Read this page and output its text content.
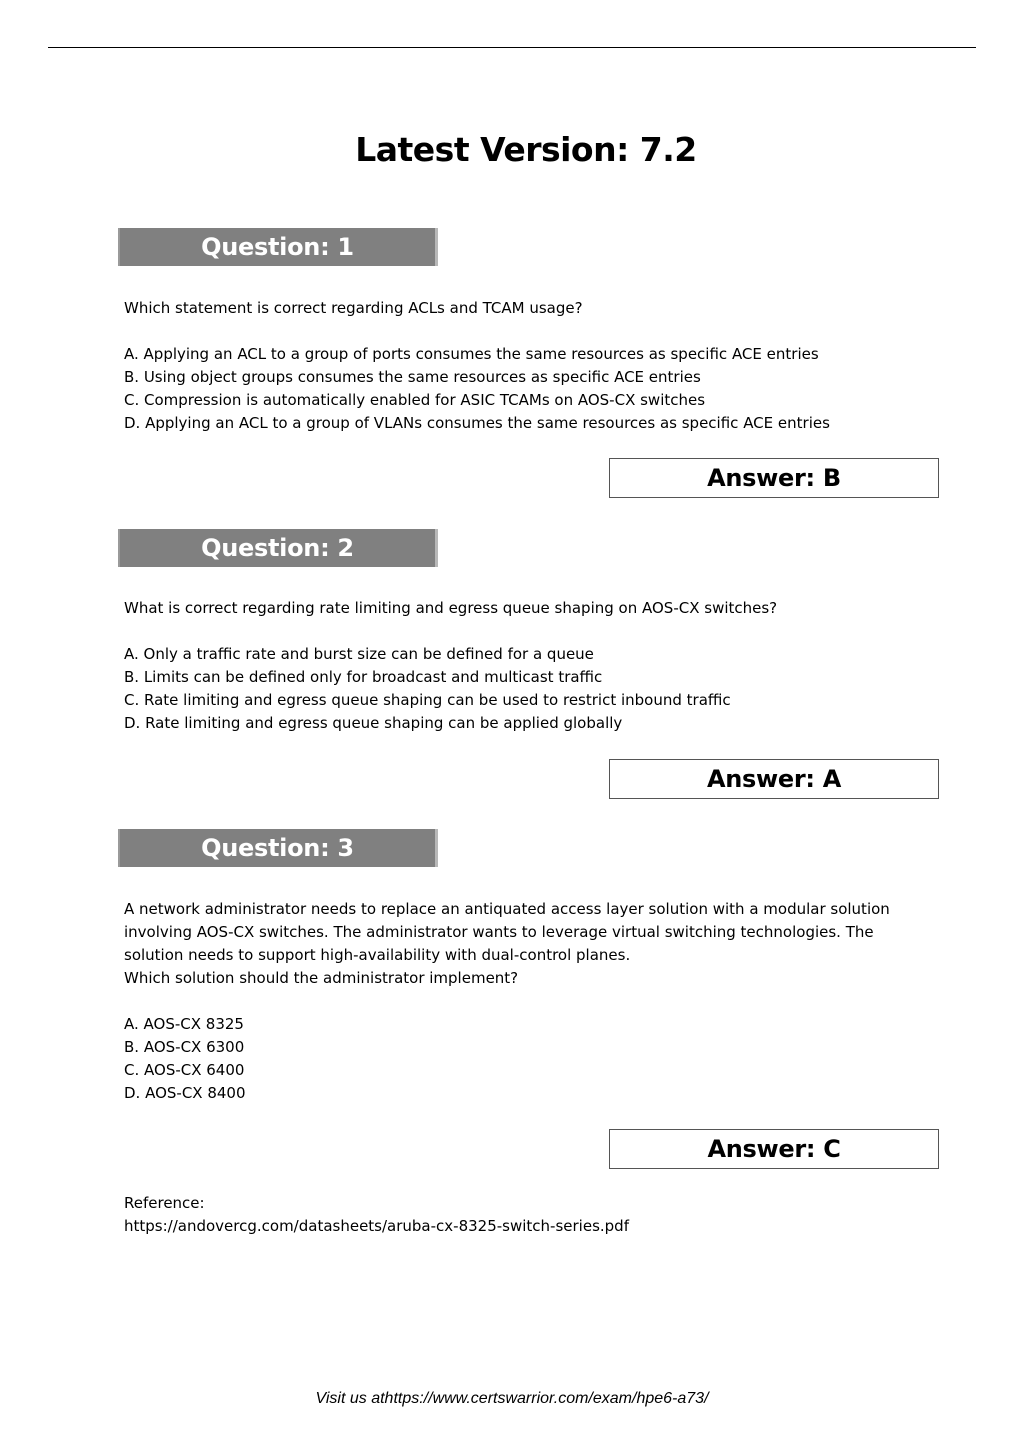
Latest Version: 7.2
Question: 1

Which statement is correct regarding ACLs and TCAM usage?

A. Applying an ACL to a group of ports consumes the same resources as specific ACE entries

B. Using object groups consumes the same resources as specific ACE entries

C. Compression is automatically enabled for ASIC TCAMs on AOS-CX switches

D. Applying an ACL to a group of VLANs consumes the same resources as specific ACE entries

Answer: B
Question: 2

What is correct regarding rate limiting and egress queue shaping on AOS-CX switches?

A. Only a traffic rate and burst size can be defined for a queue

B. Limits can be defined only for broadcast and multicast traffic

C. Rate limiting and egress queue shaping can be used to restrict inbound traffic

D. Rate limiting and egress queue shaping can be applied globally

Answer: A
Question: 3

A network administrator needs to replace an antiquated access layer solution with a modular solution

involving AOS-CX switches. The administrator wants to leverage virtual switching technologies. The

solution needs to support high-availability with dual-control planes.

Which solution should the administrator implement?

A. AOS-CX 8325

B. AOS-CX 6300

C. AOS-CX 6400

D. AOS-CX 8400

Answer: C

Reference:

https://andovercg.com/datasheets/aruba-cx-8325-switch-series.pdf

Visit us athttps://www.certswarrior.com/exam/hpe6-a73/
